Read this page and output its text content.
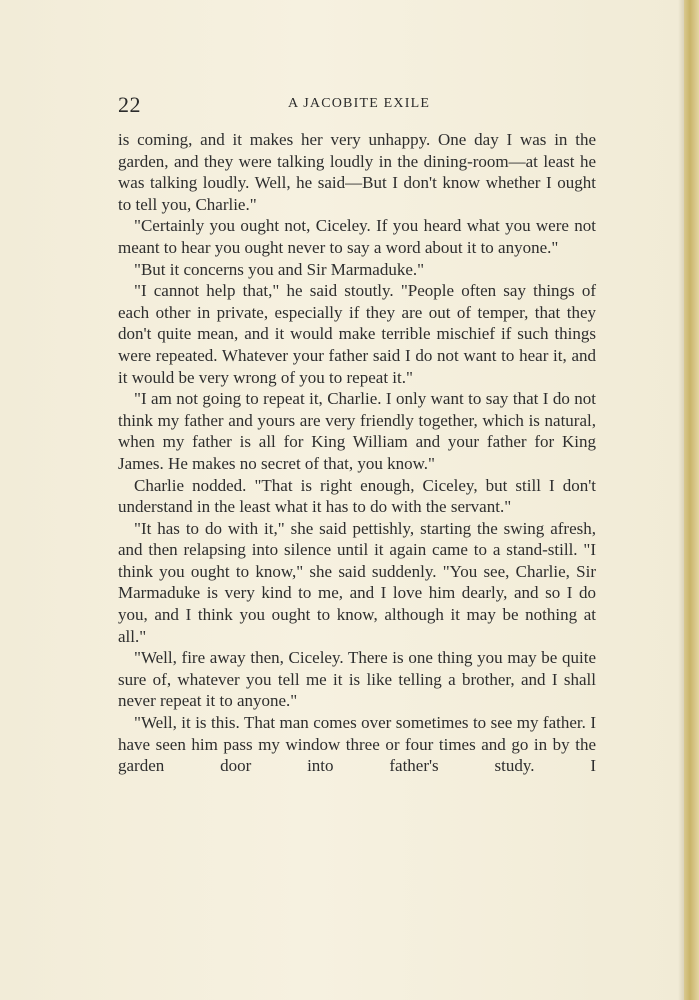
22	A JACOBITE EXILE

is coming, and it makes her very unhappy. One day I was in the garden, and they were talking loudly in the dining-room—at least he was talking loudly. Well, he said—But I don't know whether I ought to tell you, Charlie."

"Certainly you ought not, Ciceley. If you heard what you were not meant to hear you ought never to say a word about it to anyone."

"But it concerns you and Sir Marmaduke."

"I cannot help that," he said stoutly. "People often say things of each other in private, especially if they are out of temper, that they don't quite mean, and it would make terrible mischief if such things were repeated. Whatever your father said I do not want to hear it, and it would be very wrong of you to repeat it."

"I am not going to repeat it, Charlie. I only want to say that I do not think my father and yours are very friendly together, which is natural, when my father is all for King William and your father for King James. He makes no secret of that, you know."

Charlie nodded. "That is right enough, Ciceley, but still I don't understand in the least what it has to do with the servant."

"It has to do with it," she said pettishly, starting the swing afresh, and then relapsing into silence until it again came to a stand-still. "I think you ought to know," she said suddenly. "You see, Charlie, Sir Marmaduke is very kind to me, and I love him dearly, and so I do you, and I think you ought to know, although it may be nothing at all."

"Well, fire away then, Ciceley. There is one thing you may be quite sure of, whatever you tell me it is like telling a brother, and I shall never repeat it to anyone."

"Well, it is this. That man comes over sometimes to see my father. I have seen him pass my window three or four times and go in by the garden door into father's study. I
